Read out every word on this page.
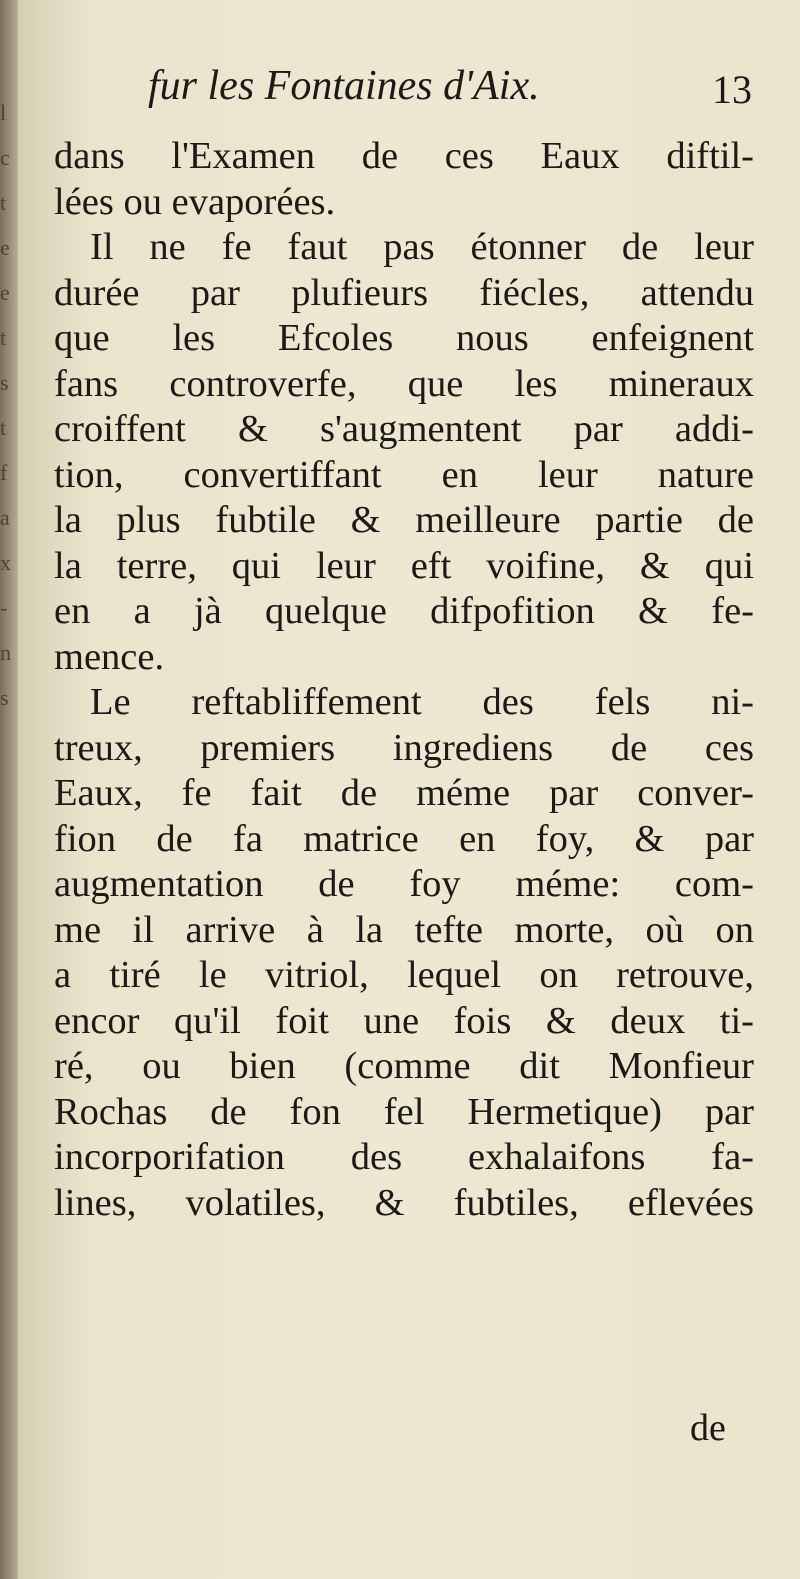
l
c
t
e
e
t
s
t
f
a
x
-
n
s
fur les Fontaines d'Aix.	13
dans l'Examen de ces Eaux diftil-
lées ou evaporées.
Il ne fe faut pas étonner de leur
durée par plufieurs fiécles, attendu
que les Efcoles nous enfeignent
fans controverfe, que les mineraux
croiffent & s'augmentent par addi-
tion, convertiffant en leur nature
la plus fubtile & meilleure partie de
la terre, qui leur eft voifine, & qui
en a jà quelque difpofition & fe-
mence.
Le reftabliffement des fels ni-
treux, premiers ingrediens de ces
Eaux, fe fait de méme par conver-
fion de fa matrice en foy, & par
augmentation de foy méme: com-
me il arrive à la tefte morte, où on
a tiré le vitriol, lequel on retrouve,
encor qu'il foit une fois & deux ti-
ré, ou bien (comme dit Monfieur
Rochas de fon fel Hermetique) par
incorporifation des exhalaifons fa-
lines, volatiles, & fubtiles, eflevées
de
